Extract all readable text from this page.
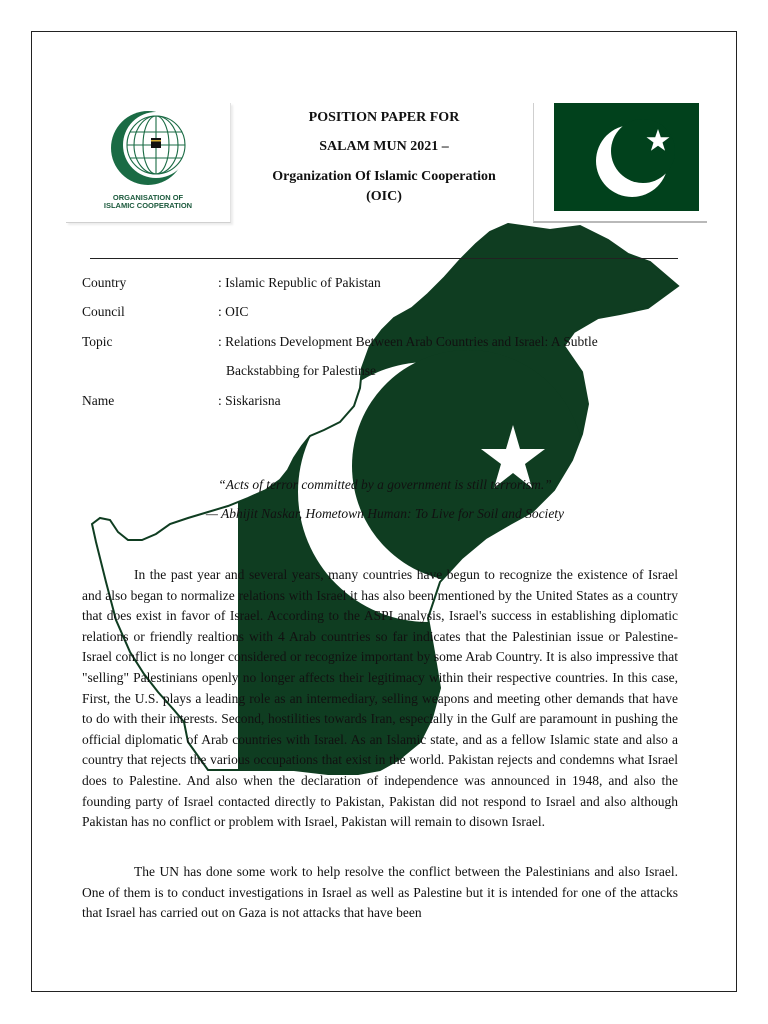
ORGANISATION OF
ISLAMIC COOPERATION
POSITION PAPER FOR
SALAM MUN 2021 –
Organization Of Islamic Cooperation
(OIC)
Country	: Islamic Republic of Pakistan
Council	: OIC
Topic	: Relations Development Between Arab Countries and Israel: A Subtle
Backstabbing for Palestinse
Name	: Siskarisna
“Acts of terror committed by a government is still terrorism.”
— Abhijit Naskar, Hometown Human: To Live for Soil and Society
In the past year and several years, many countries have begun to recognize the existence of Israel and also began to normalize relations with Israel it has also been mentioned by the United States as a country that does exist in favor of Israel. According to the ASPI analysis, Israel's success in establishing diplomatic relations or friendly realtions with 4 Arab countries so far indicates that the Palestinian issue or Palestine-Israel conflict is no longer considered or recognize important by some Arab Country. It is also impressive that "selling" Palestinians openly no longer affects their legitimacy within their respective countries. In this case, First, the U.S. plays a leading role as an intermediary, selling weapons and meeting other demands that have to do with their interests. Second, hostilities towards Iran, especially in the Gulf are paramount in pushing the official diplomatic of Arab countries with Israel. As an Islamic state, and as a fellow Islamic state and also a country that rejects the various occupations that exist in the world. Pakistan rejects and condemns what Israel does to Palestine. And also when the declaration of independence was announced in 1948, and also the founding party of Israel contacted directly to Pakistan, Pakistan did not respond to Israel and also although Pakistan has no conflict or problem with Israel, Pakistan will remain to disown Israel.
The UN has done some work to help resolve the conflict between the Palestinians and also Israel. One of them is to conduct investigations in Israel as well as Palestine but it is intended for one of the attacks that Israel has carried out on Gaza is not attacks that have been
